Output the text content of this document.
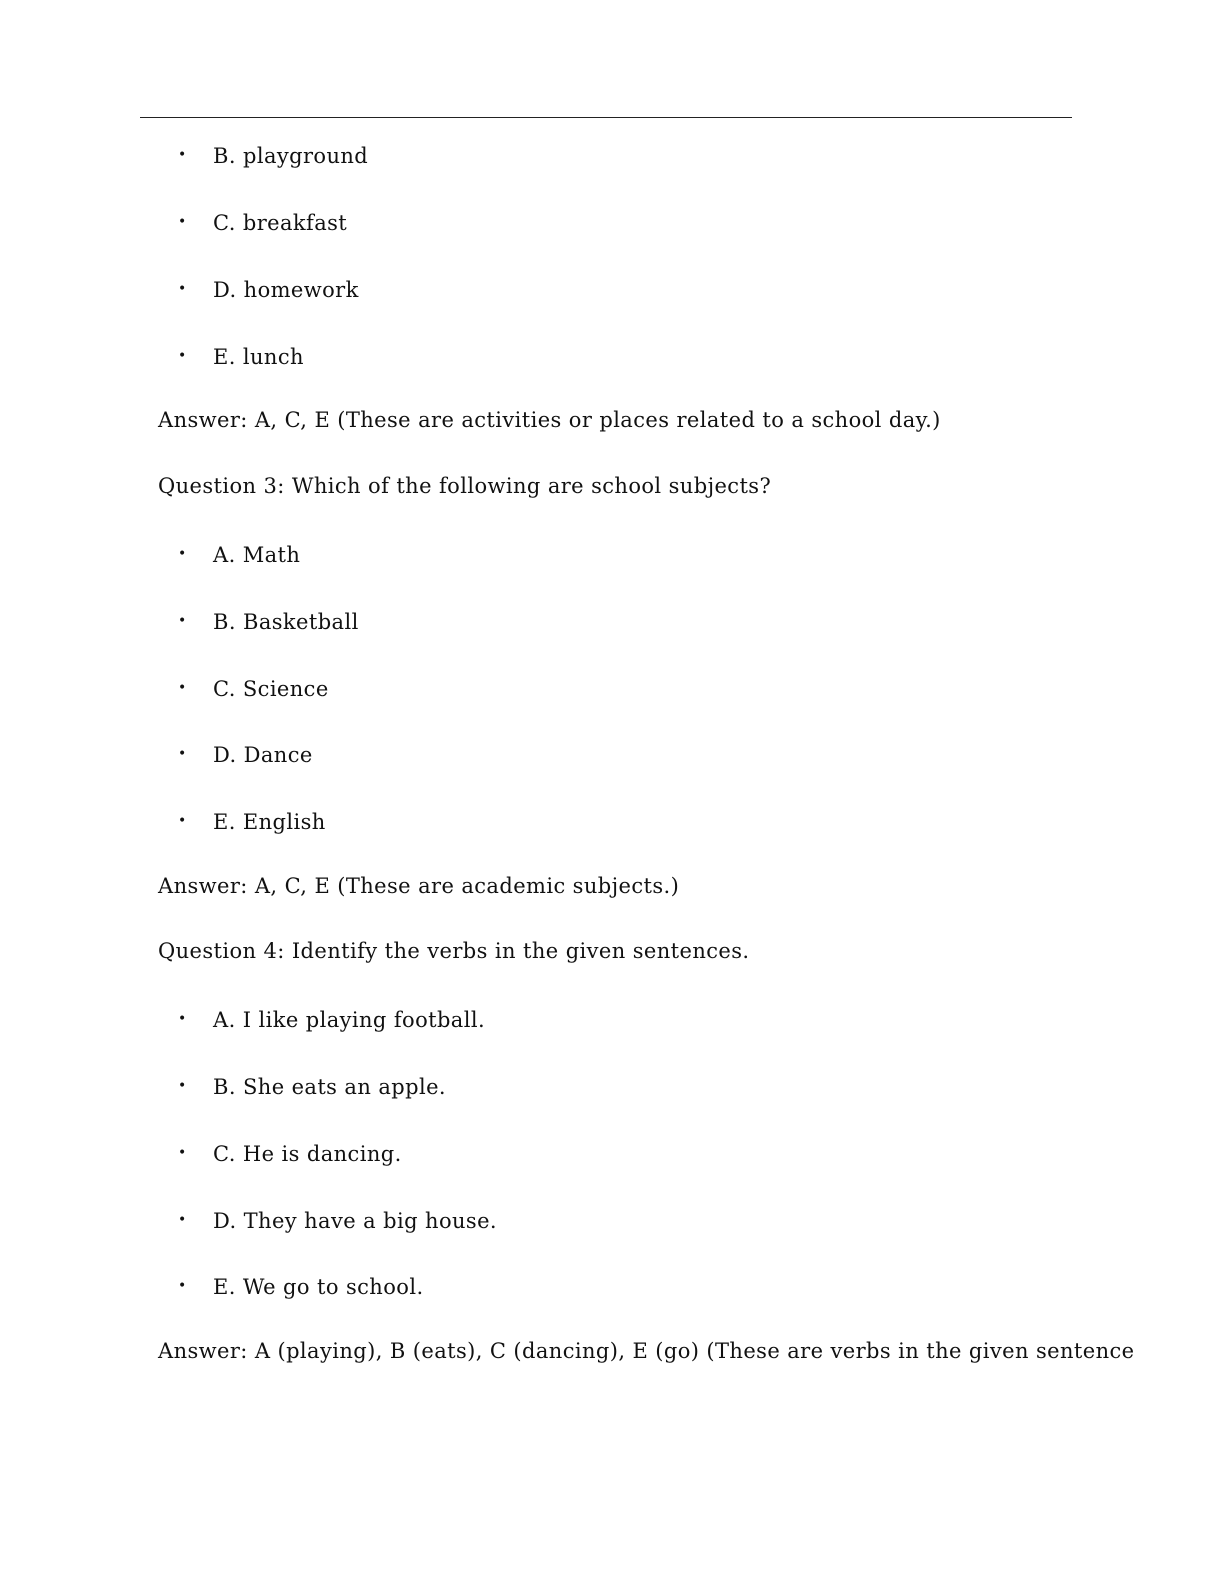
• B. playground
• C. breakfast
• D. homework
• E. lunch
Answer: A, C, E (These are activities or places related to a school day.)
Question 3: Which of the following are school subjects?
• A. Math
• B. Basketball
• C. Science
• D. Dance
• E. English
Answer: A, C, E (These are academic subjects.)
Question 4: Identify the verbs in the given sentences.
• A. I like playing football.
• B. She eats an apple.
• C. He is dancing.
• D. They have a big house.
• E. We go to school.
Answer: A (playing), B (eats), C (dancing), E (go) (These are verbs in the given sentence
